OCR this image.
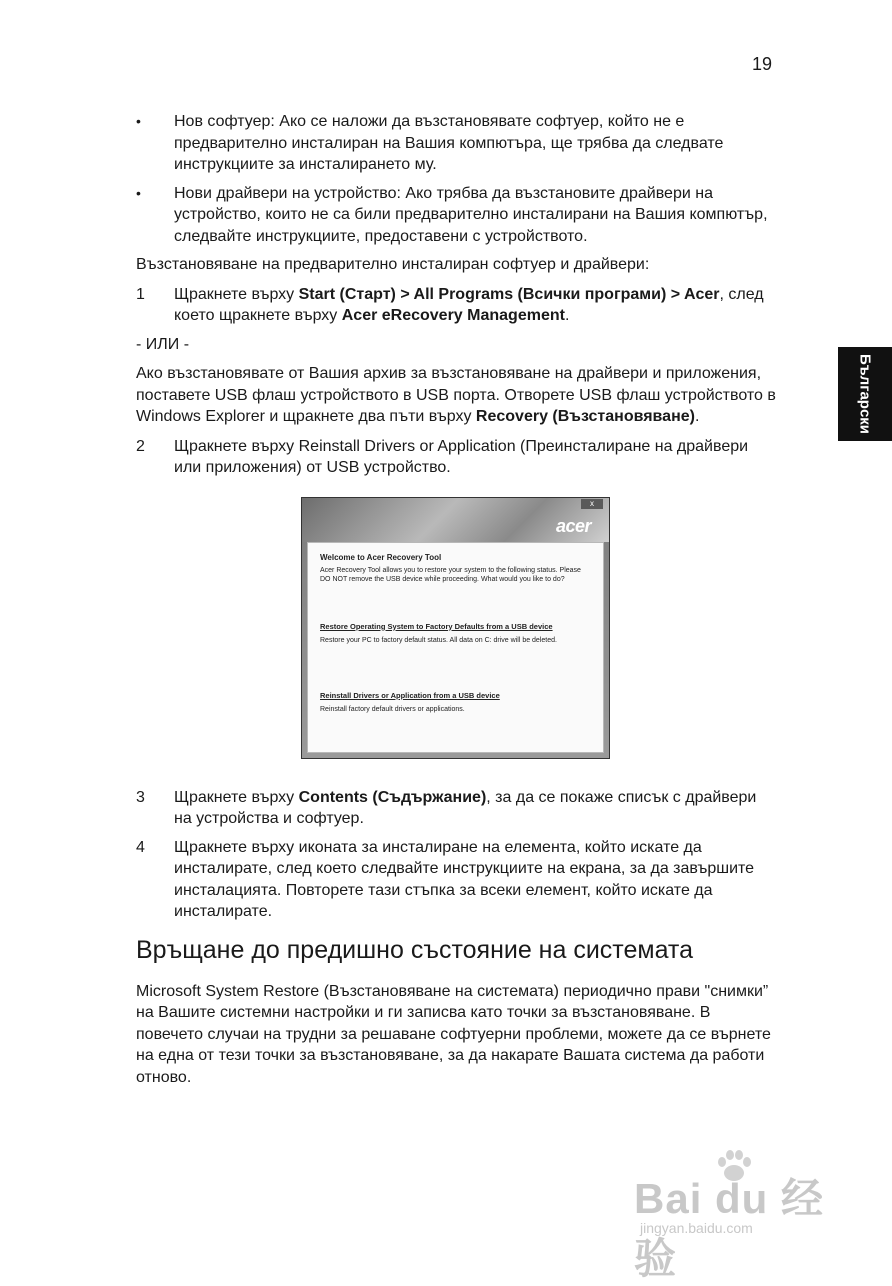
19
Български
• Нов софтуер: Ако се наложи да възстановявате софтуер, който не е предварително инсталиран на Вашия компютъра, ще трябва да следвате инструкциите за инсталирането му.
• Нови драйвери на устройство: Ако трябва да възстановите драйвери на устройство, които не са били предварително инсталирани на Вашия компютър, следвайте инструкциите, предоставени с устройството.

Възстановяване на предварително инсталиран софтуер и драйвери:

1 Щракнете върху Start (Старт) > All Programs (Всички програми) > Acer, след което щракнете върху Acer eRecovery Management.

- ИЛИ -

Ако възстановявате от Вашия архив за възстановяване на драйвери и приложения, поставете USB флаш устройството в USB порта. Отворете USB флаш устройството в Windows Explorer и щракнете два пъти върху Recovery (Възстановяване).

2 Щракнете върху Reinstall Drivers or Application (Преинсталиране на драйвери или приложения) от USB устройство.
x
acer
Welcome to Acer Recovery Tool
Acer Recovery Tool allows you to restore your system to the following status. Please DO NOT remove the USB device while proceeding. What would you like to do?
Restore Operating System to Factory Defaults from a USB device
Restore your PC to factory default status. All data on C: drive will be deleted.
Reinstall Drivers or Application from a USB device
Reinstall factory default drivers or applications.
3 Щракнете върху Contents (Съдържание), за да се покаже списък с драйвери на устройства и софтуер.
4 Щракнете върху иконата за инсталиране на елемента, който искате да инсталирате, след което следвайте инструкциите на екрана, за да завършите инсталацията. Повторете тази стъпка за всеки елемент, който искате да инсталирате.
Връщане до предишно състояние на системата

Microsoft System Restore (Възстановяване на системата) периодично прави "снимки” на Вашите системни настройки и ги записва като точки за възстановяване. В повечето случаи на трудни за решаване софтуерни проблеми, можете да се върнете на една от тези точки за възстановяване, за да накарате Вашата система да работи отново.

Bai du 经验
jingyan.baidu.com
